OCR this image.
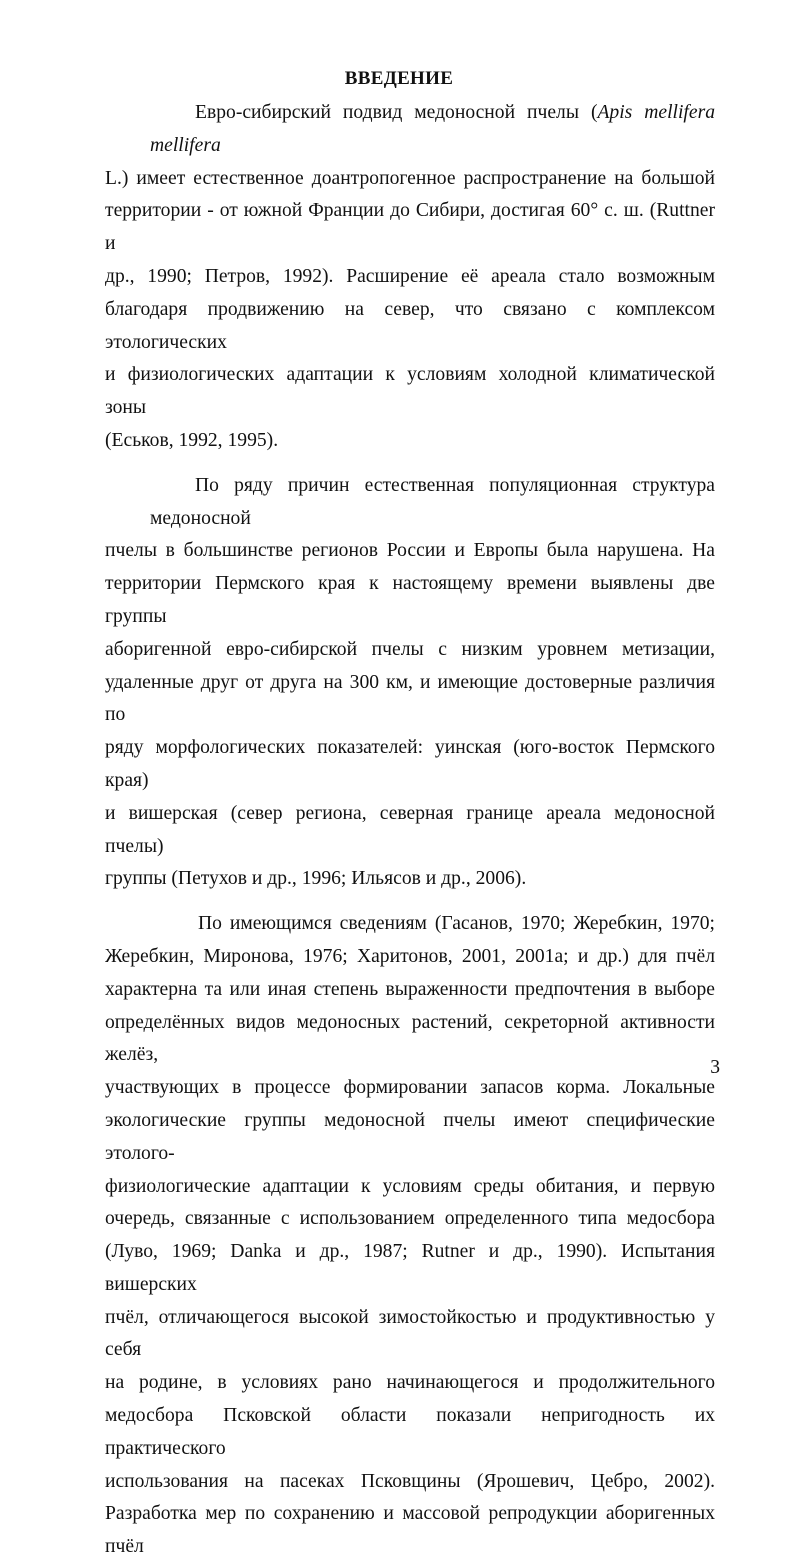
ВВЕДЕНИЕ
Евро-сибирский подвид медоносной пчелы (Apis mellifera mellifera
L.) имеет естественное доантропогенное распространение на большой
территории - от южной Франции до Сибири, достигая 60° с. ш. (Ruttner и
др., 1990; Петров, 1992). Расширение её ареала стало возможным
благодаря продвижению на север, что связано с комплексом этологических
и физиологических адаптации к условиям холодной климатической зоны
(Еськов, 1992, 1995).
По ряду причин естественная популяционная структура медоносной
пчелы в большинстве регионов России и Европы была нарушена. На
территории Пермского края к настоящему времени выявлены две группы
аборигенной евро-сибирской пчелы с низким уровнем метизации,
удаленные друг от друга на 300 км, и имеющие достоверные различия по
ряду морфологических показателей: уинская (юго-восток Пермского края)
и вишерская (север региона, северная границе ареала медоносной пчелы)
группы (Петухов и др., 1996; Ильясов и др., 2006).
По имеющимся сведениям (Гасанов, 1970; Жеребкин, 1970;
Жеребкин, Миронова, 1976; Харитонов, 2001, 2001а; и др.) для пчёл
характерна та или иная степень выраженности предпочтения в выборе
определённых видов медоносных растений, секреторной активности желёз,
участвующих в процессе формировании запасов корма. Локальные
экологические группы медоносной пчелы имеют специфические этолого-
физиологические адаптации к условиям среды обитания, и первую
очередь, связанные с использованием определенного типа медосбора
(Луво, 1969; Danka и др., 1987; Rutner и др., 1990). Испытания вишерских
пчёл, отличающегося высокой зимостойкостью и продуктивностью у себя
на родине, в условиях рано начинающегося и продолжительного
медосбора Псковской области показали непригодность их практического
использования на пасеках Псковщины (Ярошевич, Цебро, 2002).
Разработка мер по сохранению и массовой репродукции аборигенных пчёл
3
